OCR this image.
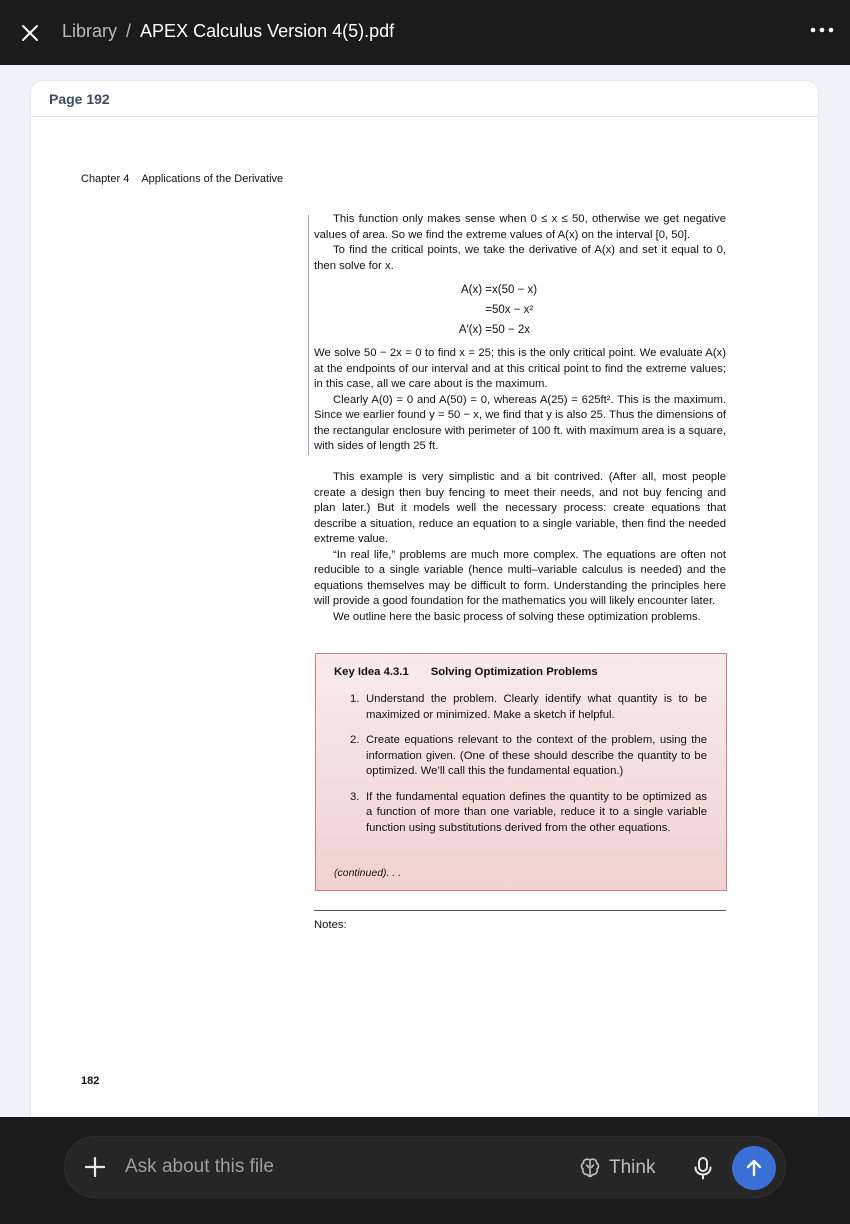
Library / APEX Calculus Version 4(5).pdf
Page 192
Chapter 4 Applications of the Derivative

This function only makes sense when 0 ≤ x ≤ 50, otherwise we get negative values of area. So we find the extreme values of A(x) on the interval [0, 50].

To find the critical points, we take the derivative of A(x) and set it equal to 0, then solve for x.

A(x) = x(50 − x)
= 50x − x²
A′(x) = 50 − 2x

We solve 50 − 2x = 0 to find x = 25; this is the only critical point. We evaluate A(x) at the endpoints of our interval and at this critical point to find the extreme values; in this case, all we care about is the maximum.

Clearly A(0) = 0 and A(50) = 0, whereas A(25) = 625ft². This is the maximum. Since we earlier found y = 50 − x, we find that y is also 25. Thus the dimensions of the rectangular enclosure with perimeter of 100 ft. with maximum area is a square, with sides of length 25 ft.

This example is very simplistic and a bit contrived. (After all, most people create a design then buy fencing to meet their needs, and not buy fencing and plan later.) But it models well the necessary process: create equations that describe a situation, reduce an equation to a single variable, then find the needed extreme value.

“In real life,” problems are much more complex. The equations are often not reducible to a single variable (hence multi–variable calculus is needed) and the equations themselves may be difficult to form. Understanding the principles here will provide a good foundation for the mathematics you will likely encounter later.

We outline here the basic process of solving these optimization problems.

Key Idea 4.3.1 Solving Optimization Problems
1. Understand the problem. Clearly identify what quantity is to be maximized or minimized. Make a sketch if helpful.
2. Create equations relevant to the context of the problem, using the information given. (One of these should describe the quantity to be optimized. We’ll call this the fundamental equation.)
3. If the fundamental equation defines the quantity to be optimized as a function of more than one variable, reduce it to a single variable function using substitutions derived from the other equations.
(continued). . .
Notes:
182
Ask about this file
Think
